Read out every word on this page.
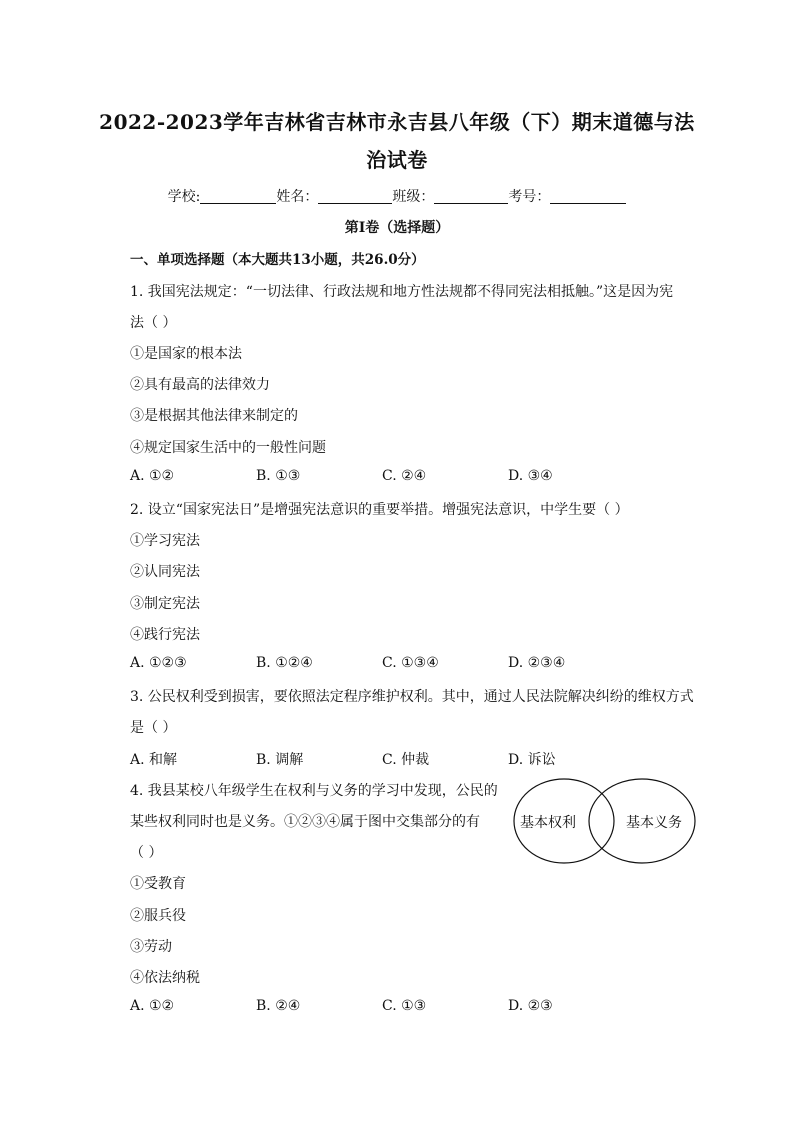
2022-2023学年吉林省吉林市永吉县八年级（下）期末道德与法
治试卷
学校:	姓名：	班级：	考号：
第Ⅰ卷（选择题）
一、单项选择题（本大题共13小题，共26.0分）
1. 我国宪法规定：“一切法律、行政法规和地方性法规都不得同宪法相抵触。”这是因为宪
法（ ）
①是国家的根本法
②具有最高的法律效力
③是根据其他法律来制定的
④规定国家生活中的一般性问题
A. ①②	B. ①③	C. ②④	D. ③④
2. 设立“国家宪法日”是增强宪法意识的重要举措。增强宪法意识，中学生要（ ）
①学习宪法
②认同宪法
③制定宪法
④践行宪法
A. ①②③	B. ①②④	C. ①③④	D. ②③④
3. 公民权利受到损害，要依照法定程序维护权利。其中，通过人民法院解决纠纷的维权方式
是（ ）
A. 和解	B. 调解	C. 仲裁	D. 诉讼
4. 我县某校八年级学生在权利与义务的学习中发现，公民的
某些权利同时也是义务。①②③④属于图中交集部分的有
（ ）
①受教育
②服兵役
③劳动
④依法纳税
A. ①②	B. ②④	C. ①③	D. ②③
基本权利	基本义务
